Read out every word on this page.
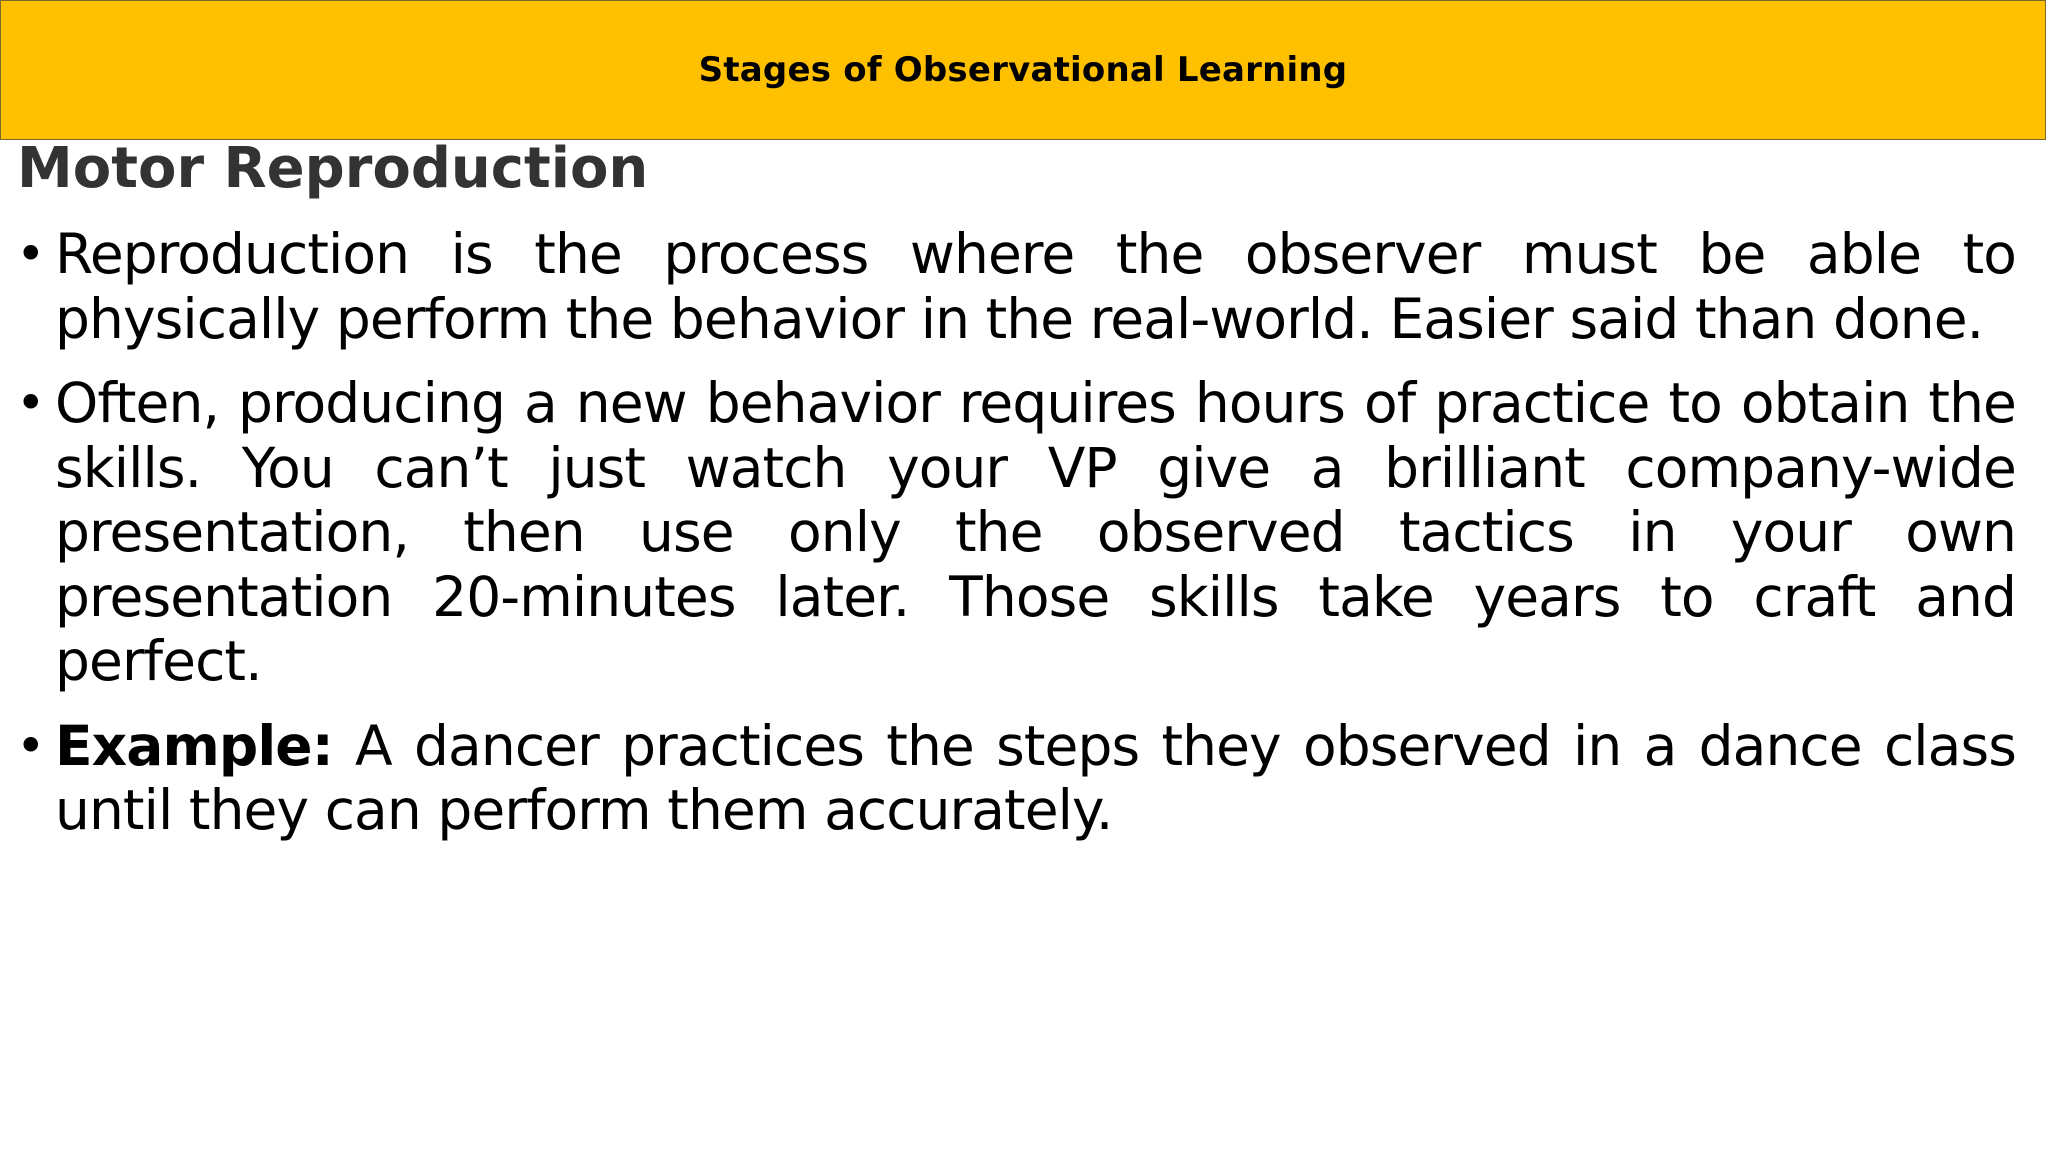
Stages of Observational Learning
Motor Reproduction
• Reproduction is the process where the observer must be able to physically perform the behavior in the real-world. Easier said than done.
• Often, producing a new behavior requires hours of practice to obtain the skills. You can’t just watch your VP give a brilliant company-wide presentation, then use only the observed tactics in your own presentation 20-minutes later. Those skills take years to craft and perfect.
• Example: A dancer practices the steps they observed in a dance class until they can perform them accurately.
